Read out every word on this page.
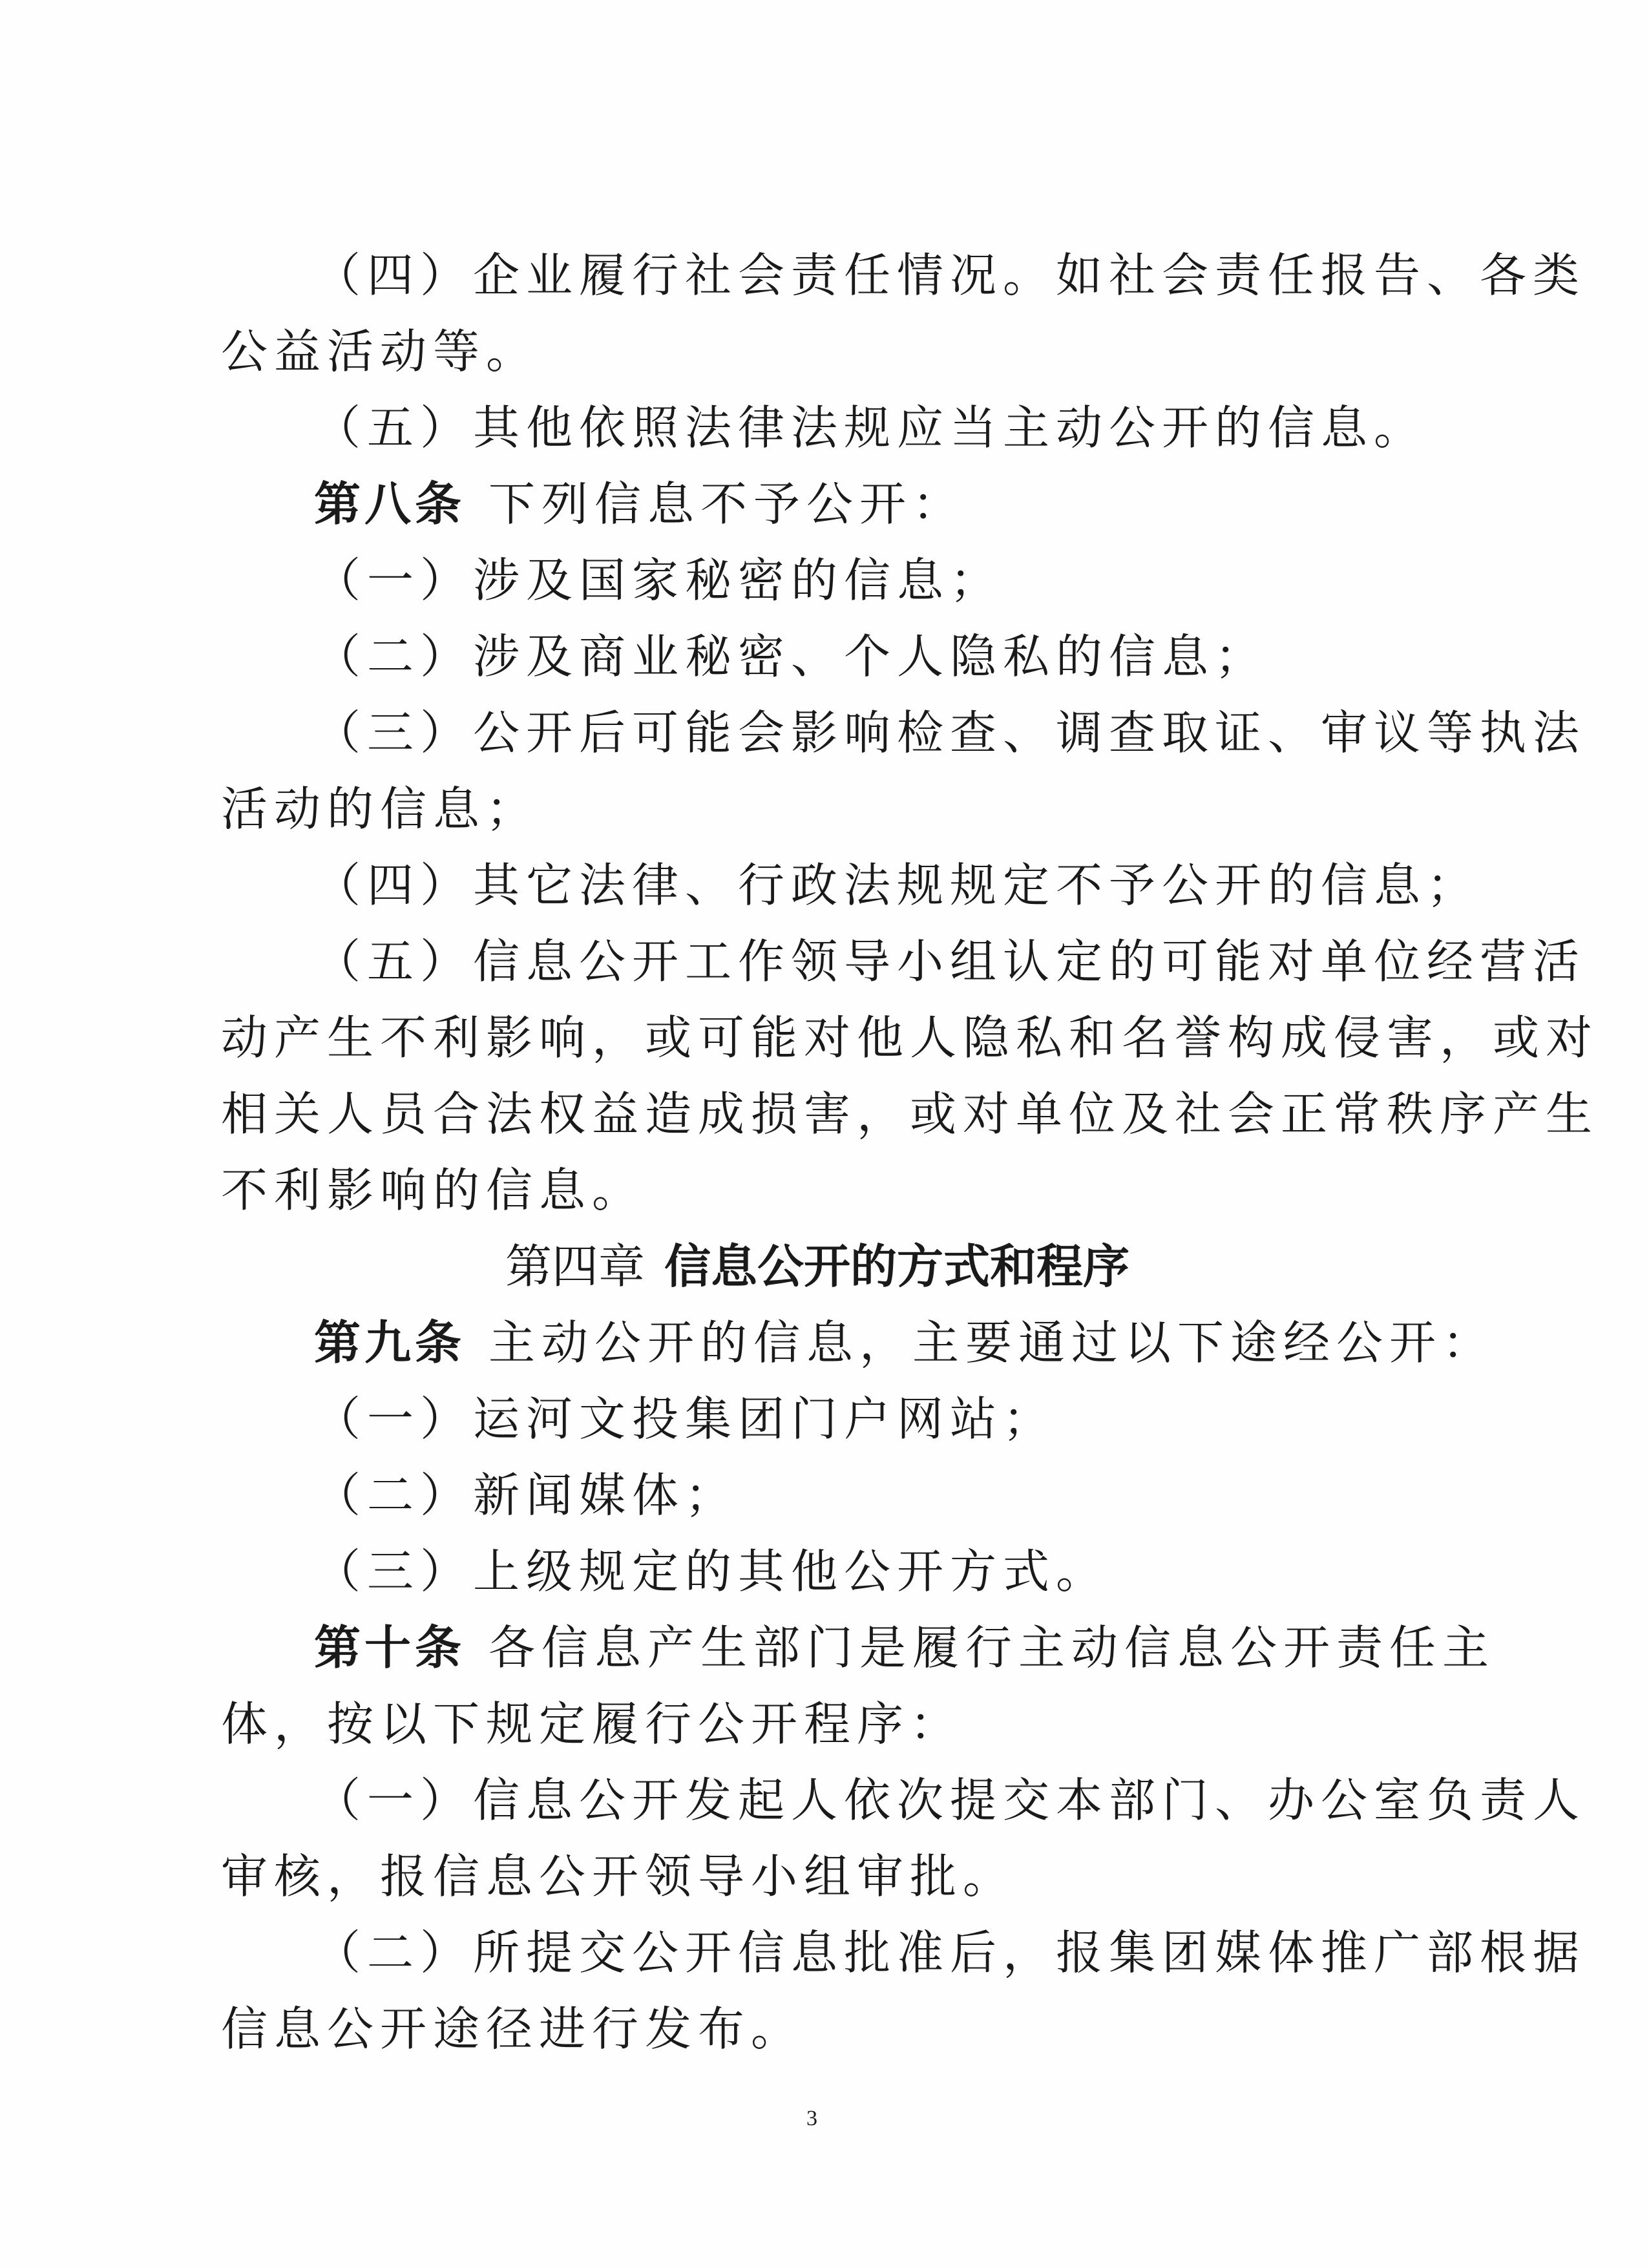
（四）企业履行社会责任情况。如社会责任报告、各类
公益活动等。
（五）其他依照法律法规应当主动公开的信息。
第八条 下列信息不予公开：
（一）涉及国家秘密的信息；
（二）涉及商业秘密、个人隐私的信息；
（三）公开后可能会影响检查、调查取证、审议等执法
活动的信息；
（四）其它法律、行政法规规定不予公开的信息；
（五）信息公开工作领导小组认定的可能对单位经营活
动产生不利影响，或可能对他人隐私和名誉构成侵害，或对
相关人员合法权益造成损害，或对单位及社会正常秩序产生
不利影响的信息。
第四章 信息公开的方式和程序
第九条 主动公开的信息，主要通过以下途经公开：
（一）运河文投集团门户网站；
（二）新闻媒体；
（三）上级规定的其他公开方式。
第十条 各信息产生部门是履行主动信息公开责任主
体，按以下规定履行公开程序：
（一）信息公开发起人依次提交本部门、办公室负责人
审核，报信息公开领导小组审批。
（二）所提交公开信息批准后，报集团媒体推广部根据
信息公开途径进行发布。
3
